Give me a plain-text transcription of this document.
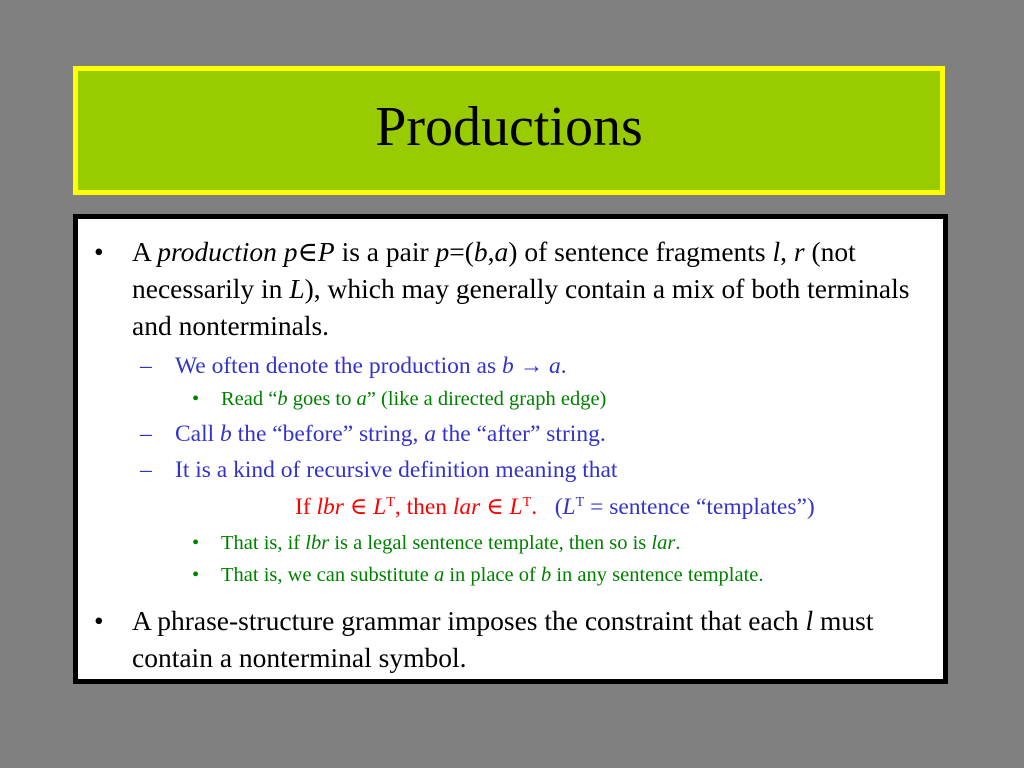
Productions

• A production p∈P is a pair p=(b,a) of sentence fragments l, r (not necessarily in L), which may generally contain a mix of both terminals and nonterminals.

– We often denote the production as b → a.

• Read “b goes to a” (like a directed graph edge)

– Call b the “before” string, a the “after” string.

– It is a kind of recursive definition meaning that

If lbr ∈ $L^T$, then lar ∈ $L^T$.   ($L^T$ = sentence “templates”)

• That is, if lbr is a legal sentence template, then so is lar.

• That is, we can substitute a in place of b in any sentence template.

• A phrase-structure grammar imposes the constraint that each l must contain a nonterminal symbol.
